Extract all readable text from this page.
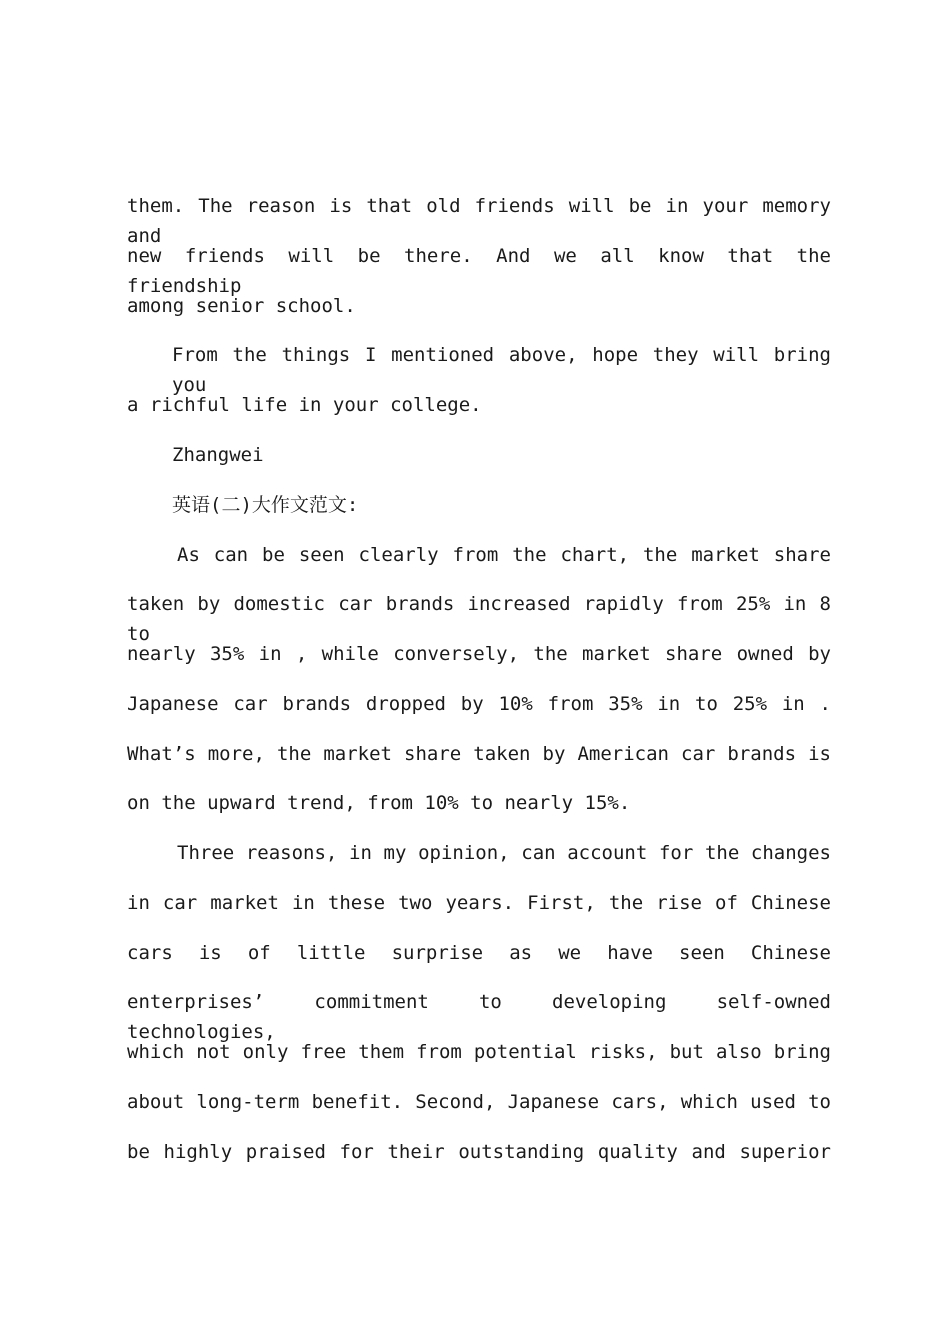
them. The reason is that old friends will be in your memory and
new friends will be there. And we all know that the friendship
among senior school.
From the things I mentioned above, hope they will bring you
a richful life in your college.
Zhangwei
英语(二)大作文范文:
As can be seen clearly from the chart, the market share
taken by domestic car brands increased rapidly from 25% in 8 to
nearly 35% in , while conversely, the market share owned by
Japanese car brands dropped by 10% from 35% in to 25% in .
What’s more, the market share taken by American car brands is
on the upward trend, from 10% to nearly 15%.
Three reasons, in my opinion, can account for the changes
in car market in these two years. First, the rise of Chinese
cars is of little surprise as we have seen Chinese
enterprises’ commitment to developing self-owned technologies,
which not only free them from potential risks, but also bring
about long-term benefit. Second, Japanese cars, which used to
be highly praised for their outstanding quality and superior
